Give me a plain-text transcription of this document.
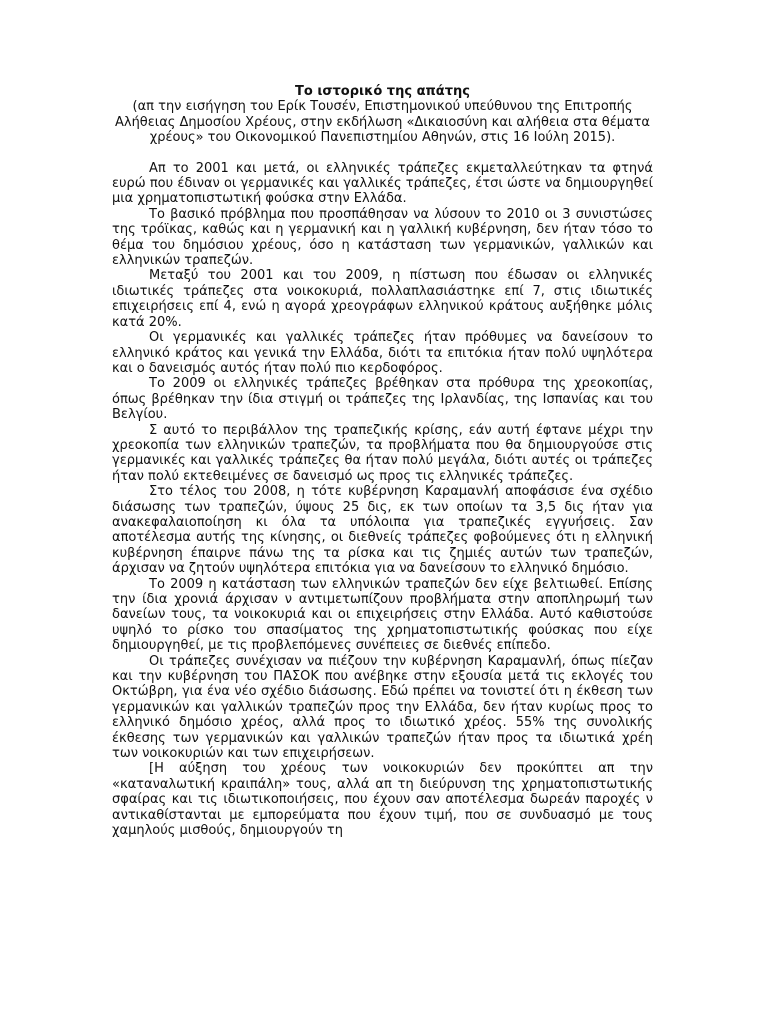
Το ιστορικό της απάτης

(απ την εισήγηση του Ερίκ Τουσέν, Επιστημονικού υπεύθυνου της Επιτροπής Αλήθειας Δημοσίου Χρέους, στην εκδήλωση «Δικαιοσύνη και αλήθεια στα θέματα χρέους» του Οικονομικού Πανεπιστημίου Αθηνών, στις 16 Ιούλη 2015).

Απ το 2001 και μετά, οι ελληνικές τράπεζες εκμεταλλεύτηκαν τα φτηνά ευρώ που έδιναν οι γερμανικές και γαλλικές τράπεζες, έτσι ώστε να δημιουργηθεί μια χρηματοπιστωτική φούσκα στην Ελλάδα.

Το βασικό πρόβλημα που προσπάθησαν να λύσουν το 2010 οι 3 συνιστώσες της τρόϊκας, καθώς και η γερμανική και η γαλλική κυβέρνηση, δεν ήταν τόσο το θέμα του δημόσιου χρέους, όσο η κατάσταση των γερμανικών, γαλλικών και ελληνικών τραπεζών.

Μεταξύ του 2001 και του 2009, η πίστωση που έδωσαν οι ελληνικές ιδιωτικές τράπεζες στα νοικοκυριά, πολλαπλασιάστηκε επί 7, στις ιδιωτικές επιχειρήσεις επί 4, ενώ η αγορά χρεογράφων ελληνικού κράτους αυξήθηκε μόλις κατά 20%.

Οι γερμανικές και γαλλικές τράπεζες ήταν πρόθυμες να δανείσουν το ελληνικό κράτος και γενικά την Ελλάδα, διότι τα επιτόκια ήταν πολύ υψηλότερα και ο δανεισμός αυτός ήταν πολύ πιο κερδοφόρος.

Το 2009 οι ελληνικές τράπεζες βρέθηκαν στα πρόθυρα της χρεοκοπίας, όπως βρέθηκαν την ίδια στιγμή οι τράπεζες της Ιρλανδίας, της Ισπανίας και του Βελγίου.

Σ αυτό το περιβάλλον της τραπεζικής κρίσης, εάν αυτή έφτανε μέχρι την χρεοκοπία των ελληνικών τραπεζών, τα προβλήματα που θα δημιουργούσε στις γερμανικές και γαλλικές τράπεζες θα ήταν πολύ μεγάλα, διότι αυτές οι τράπεζες ήταν πολύ εκτεθειμένες σε δανεισμό ως προς τις ελληνικές τράπεζες.

Στο τέλος του 2008, η τότε κυβέρνηση Καραμανλή αποφάσισε ένα σχέδιο διάσωσης των τραπεζών, ύψους 25 δις, εκ των οποίων τα 3,5 δις ήταν για ανακεφαλαιοποίηση κι όλα τα υπόλοιπα για τραπεζικές εγγυήσεις. Σαν αποτέλεσμα αυτής της κίνησης, οι διεθνείς τράπεζες φοβούμενες ότι η ελληνική κυβέρνηση έπαιρνε πάνω της τα ρίσκα και τις ζημιές αυτών των τραπεζών, άρχισαν να ζητούν υψηλότερα επιτόκια για να δανείσουν το ελληνικό δημόσιο.

Το 2009 η κατάσταση των ελληνικών τραπεζών δεν είχε βελτιωθεί. Επίσης την ίδια χρονιά άρχισαν ν αντιμετωπίζουν προβλήματα στην αποπληρωμή των δανείων τους, τα νοικοκυριά και οι επιχειρήσεις στην Ελλάδα. Αυτό καθιστούσε υψηλό το ρίσκο του σπασίματος της χρηματοπιστωτικής φούσκας που είχε δημιουργηθεί, με τις προβλεπόμενες συνέπειες σε διεθνές επίπεδο.

Οι τράπεζες συνέχισαν να πιέζουν την κυβέρνηση Καραμανλή, όπως πίεζαν και την κυβέρνηση του ΠΑΣΟΚ που ανέβηκε στην εξουσία μετά τις εκλογές του Οκτώβρη, για ένα νέο σχέδιο διάσωσης. Εδώ πρέπει να τονιστεί ότι η έκθεση των γερμανικών και γαλλικών τραπεζών προς την Ελλάδα, δεν ήταν κυρίως προς το ελληνικό δημόσιο χρέος, αλλά προς το ιδιωτικό χρέος. 55% της συνολικής έκθεσης των γερμανικών και γαλλικών τραπεζών ήταν προς τα ιδιωτικά χρέη των νοικοκυριών και των επιχειρήσεων.

[Η αύξηση του χρέους των νοικοκυριών δεν προκύπτει απ την «καταναλωτική κραιπάλη» τους, αλλά απ τη διεύρυνση της χρηματοπιστωτικής σφαίρας και τις ιδιωτικοποιήσεις, που έχουν σαν αποτέλεσμα δωρεάν παροχές ν αντικαθίστανται με εμπορεύματα που έχουν τιμή, που σε συνδυασμό με τους χαμηλούς μισθούς, δημιουργούν τη
